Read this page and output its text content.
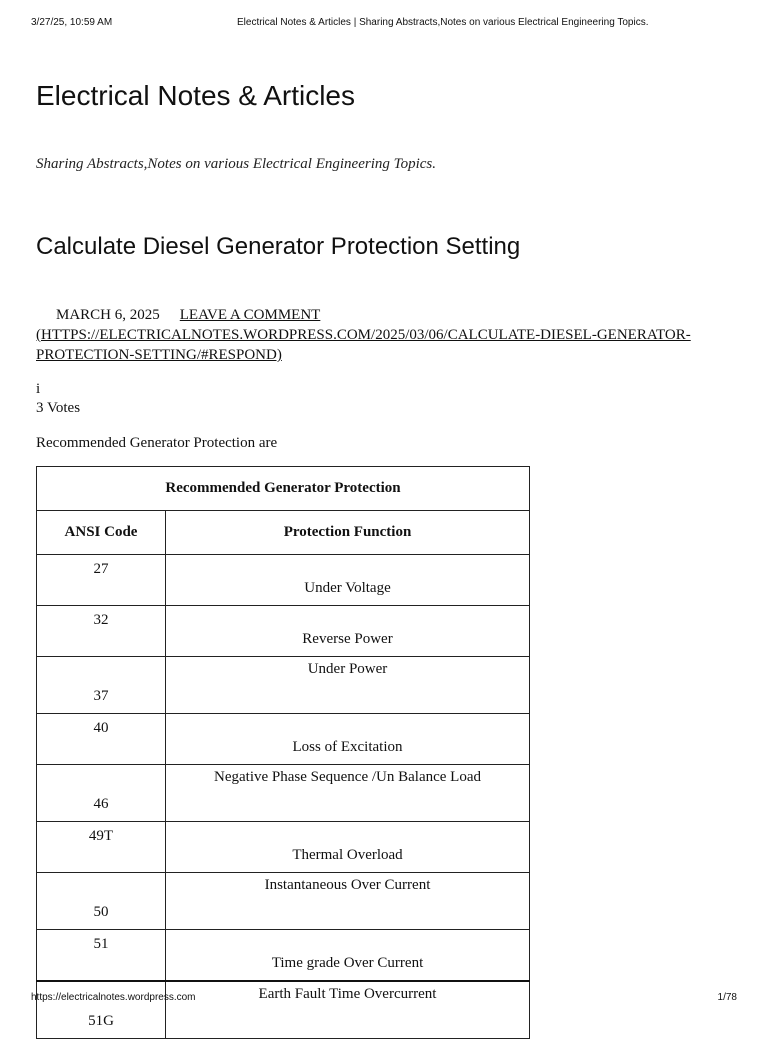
3/27/25, 10:59 AM	Electrical Notes & Articles | Sharing Abstracts,Notes on various Electrical Engineering Topics.
Electrical Notes & Articles

Sharing Abstracts,Notes on various Electrical Engineering Topics.

Calculate Diesel Generator Protection Setting
MARCH 6, 2025 LEAVE A COMMENT (HTTPS://ELECTRICALNOTES.WORDPRESS.COM/2025/03/06/CALCULATE-DIESEL-GENERATOR-PROTECTION-SETTING/#RESPOND)
i
3 Votes

Recommended Generator Protection are

Recommended Generator Protection	
ANSI Code	Protection Function
27	Under Voltage
32	Reverse Power
37	Under Power
40	Loss of Excitation
46	Negative Phase Sequence /Un Balance Load
49T	Thermal Overload
50	Instantaneous Over Current
51	Time grade Over Current
51G	Earth Fault Time Overcurrent
https://electricalnotes.wordpress.com	1/78
